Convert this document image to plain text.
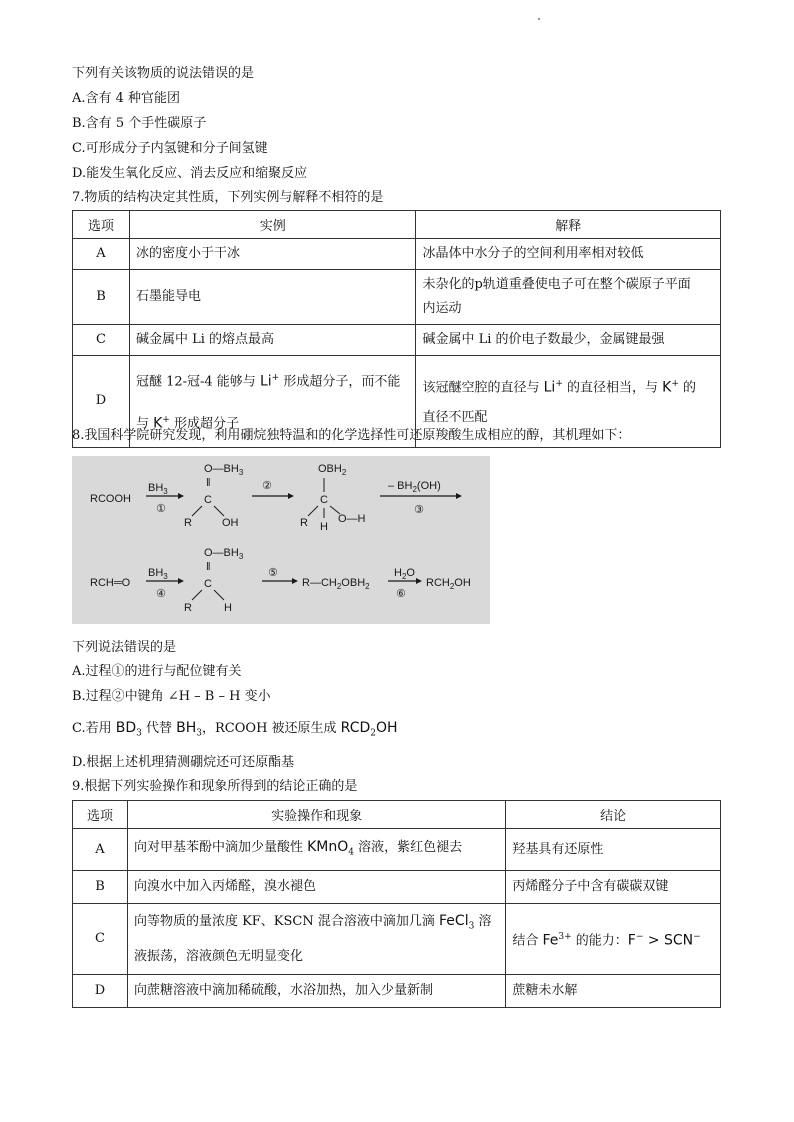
下列有关该物质的说法错误的是
A.含有 4 种官能团
B.含有 5 个手性碳原子
C.可形成分子内氢键和分子间氢键
D.能发生氧化反应、消去反应和缩聚反应
7.物质的结构决定其性质，下列实例与解释不相符的是
选项	实例	解释
A	冰的密度小于干冰	冰晶体中水分子的空间利用率相对较低
B	石墨能导电	未杂化的p轨道重叠使电子可在整个碳原子平面
内运动
C	碱金属中 Li 的熔点最高	碱金属中 Li 的价电子数最少，金属键最强
D	冠醚 12-冠-4 能够与 Li+ 形成超分子，而不能
与 K+ 形成超分子	该冠醚空腔的直径与 Li+ 的直径相当，与 K+ 的
直径不匹配
8.我国科学院研究发现，利用硼烷独特温和的化学选择性可还原羧酸生成相应的醇，其机理如下：
RCOOH
$BH_3$
①
$O—BH_3$
‖
C
R	OH
②
$OBH_2$
C
R H
O—H
– $BH_2(OH)$
③
$O—BH_3$
‖
RCH═O
$BH_3$
④
C
R	H
⑤
$R—CH_2OBH_2$
$H_2O$
⑥
$RCH_2OH$
下列说法错误的是
A.过程①的进行与配位键有关
B.过程②中键角 ∠H – B – H 变小
C.若用 $BD_3$ 代替 $BH_3$，RCOOH 被还原生成 $RCD_2OH$
D.根据上述机理猜测硼烷还可还原酯基
9.根据下列实验操作和现象所得到的结论正确的是
选项	实验操作和现象	结论
A	向对甲基苯酚中滴加少量酸性 KMnO$_4$ 溶液，紫红色褪去	羟基具有还原性
B	向溴水中加入丙烯醛，溴水褪色	丙烯醛分子中含有碳碳双键
C	向等物质的量浓度 KF、KSCN 混合溶液中滴加几滴 FeCl$_3$ 溶
液振荡，溶液颜色无明显变化	结合 $Fe^{3+}$ 的能力：F− > SCN−
D	向蔗糖溶液中滴加稀硫酸，水浴加热，加入少量新制	蔗糖未水解
